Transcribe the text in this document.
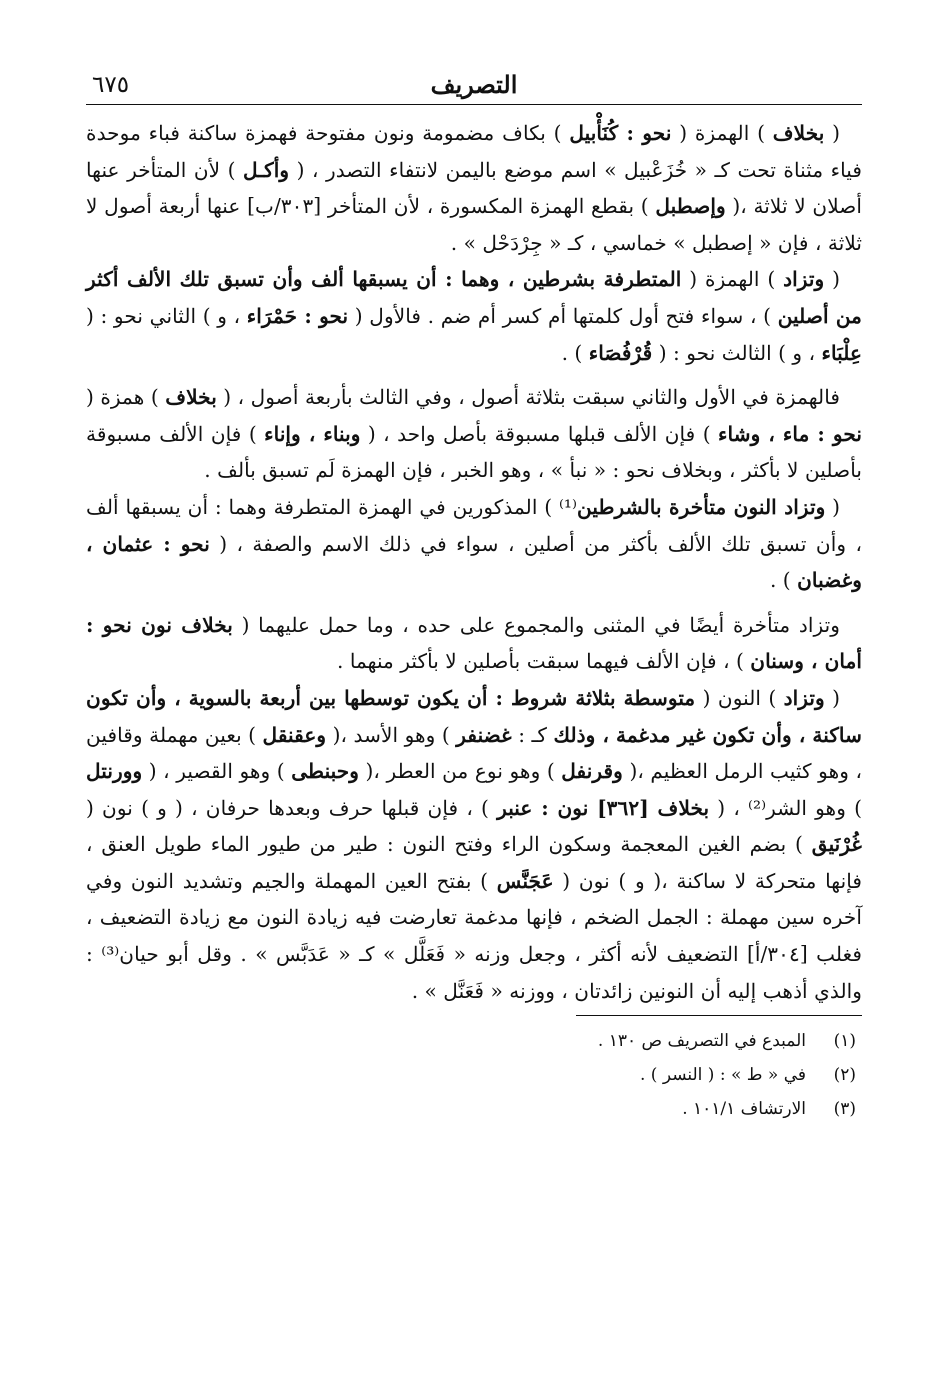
٦٧٥	التصريف

( بخلاف ) الهمزة ( نحو : كُنَأْبيل ) بكاف مضمومة ونون مفتوحة فهمزة ساكنة فباء موحدة فياء مثناة تحت كـ « خُزَعْبيل » اسم موضع باليمن لانتفاء التصدر ، ( وأكـل ) لأن المتأخر عنها أصلان لا ثلاثة ،( وإصطبل ) بقطع الهمزة المكسورة ، لأن المتأخر [٣٠٣/ب] عنها أربعة أصول لا ثلاثة ، فإن « إصطبل » خماسي ، كـ « جِرْدَحْل » .

( وتزاد ) الهمزة ( المتطرفة بشرطين ، وهما : أن يسبقها ألف وأن تسبق تلك الألف أكثر من أصلين ) ، سواء فتح أول كلمتها أم كسر أم ضم . فالأول ( نحو : حَمْرَاء ، و ) الثاني نحو : ( عِلْبَاء ، و ) الثالث نحو : ( قُرْفُصَاء ) .

فالهمزة في الأول والثاني سبقت بثلاثة أصول ، وفي الثالث بأربعة أصول ، ( بخلاف ) همزة ( نحو : ماء ، وشاء ) فإن الألف قبلها مسبوقة بأصل واحد ، ( وبناء ، وإناء ) فإن الألف مسبوقة بأصلين لا بأكثر ، وبخلاف نحو : « نبأ » ، وهو الخبر ، فإن الهمزة لَم تسبق بألف .

( وتزاد النون متأخرة بالشرطين⁽¹⁾ ) المذكورين في الهمزة المتطرفة وهما : أن يسبقها ألف ، وأن تسبق تلك الألف بأكثر من أصلين ، سواء في ذلك الاسم والصفة ، ( نحو : عثمان ، وغضبان ) .

وتزاد متأخرة أيضًا في المثنى والمجموع على حده ، وما حمل عليهما ( بخلاف نون نحو : أمان ، وسنان ) ، فإن الألف فيهما سبقت بأصلين لا بأكثر منهما .

( وتزاد ) النون ( متوسطة بثلاثة شروط : أن يكون توسطها بين أربعة بالسوية ، وأن تكون ساكنة ، وأن تكون غير مدغمة ، وذلك كـ : غضنفر ) وهو الأسد ،( وعقنقل ) بعين مهملة وقافين ، وهو كثيب الرمل العظيم ،( وقرنفل ) وهو نوع من العطر ،( وحبنطى ) وهو القصير ، ( وورنتل ) وهو الشر⁽²⁾ ، ( بخلاف [٣٦٢] نون : عنبر ) ، فإن قبلها حرف وبعدها حرفان ، ( و ) نون ( غُرْنَيق ) بضم الغين المعجمة وسكون الراء وفتح النون : طير من طيور الماء طويل العنق ، فإنها متحركة لا ساكنة ،( و ) نون ( عَجَنَّس ) بفتح العين المهملة والجيم وتشديد النون وفي آخره سين مهملة : الجمل الضخم ، فإنها مدغمة تعارضت فيه زيادة النون مع زيادة التضعيف ، فغلب [٣٠٤/أ] التضعيف لأنه أكثر ، وجعل وزنه « فَعَلَّل » كـ « عَدَبَّس » . وقل أبو حيان⁽³⁾ : والذي أذهب إليه أن النونين زائدتان ، ووزنه « فَعَنَّل » .

(١)
المبدع في التصريف ص ١٣٠ .
(٢)
في « ط » : ( النسر ) .
(٣)
الارتشاف ١٠١/١ .
